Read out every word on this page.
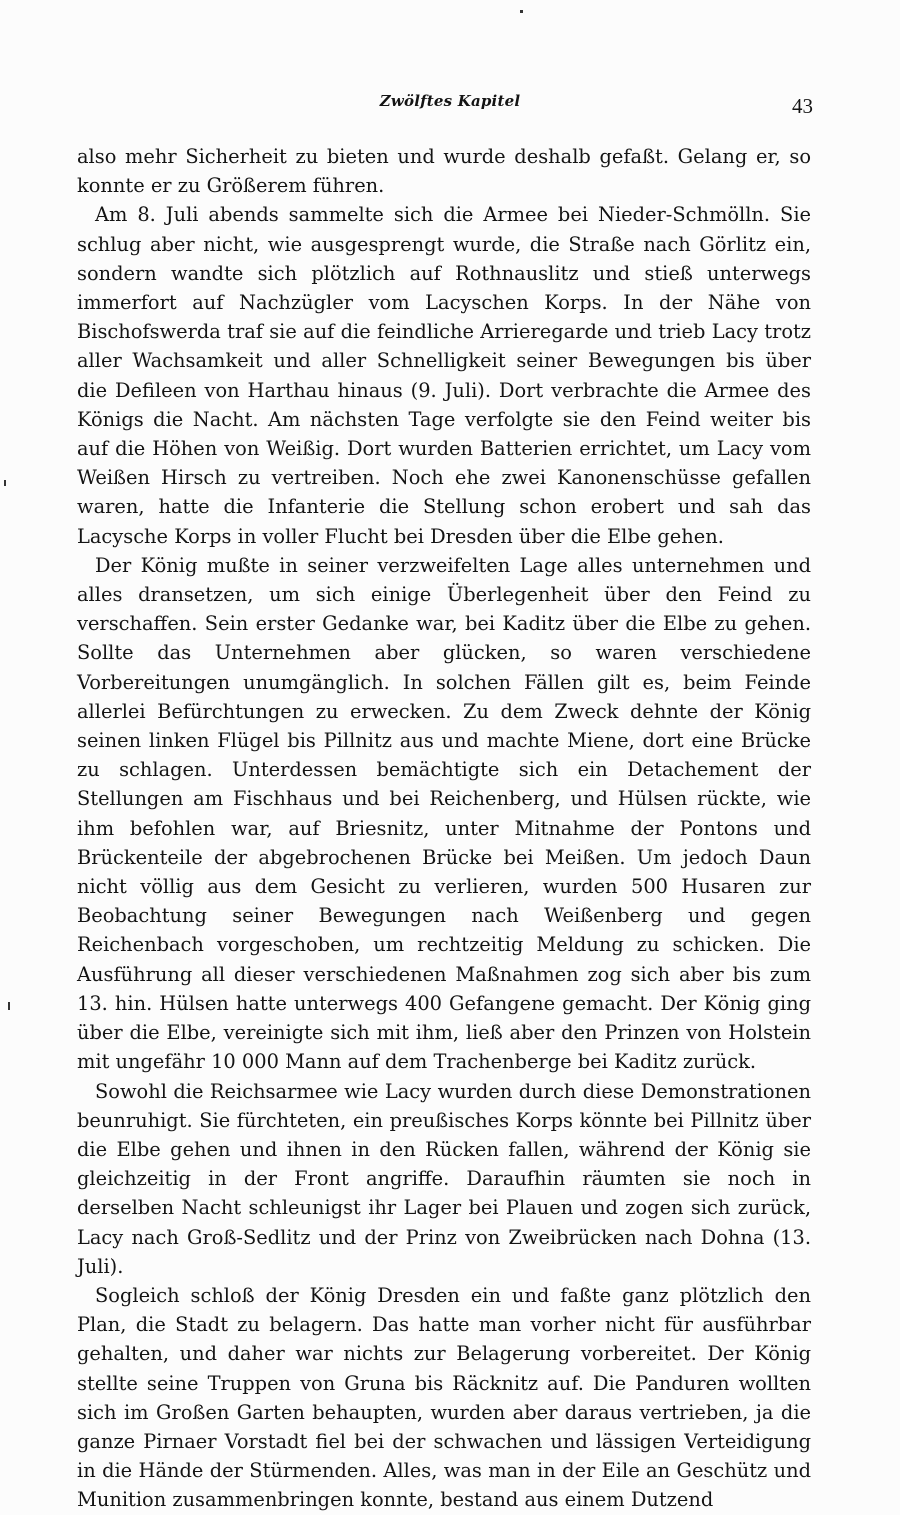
Zwölftes Kapitel	43

also mehr Sicherheit zu bieten und wurde deshalb gefaßt. Gelang er, so konnte er zu Größerem führen.

Am 8. Juli abends sammelte sich die Armee bei Nieder-Schmölln. Sie schlug aber nicht, wie ausgesprengt wurde, die Straße nach Görlitz ein, sondern wandte sich plötzlich auf Rothnauslitz und stieß unterwegs immerfort auf Nachzügler vom Lacyschen Korps. In der Nähe von Bischofswerda traf sie auf die feindliche Arrieregarde und trieb Lacy trotz aller Wachsamkeit und aller Schnelligkeit seiner Bewegungen bis über die Defileen von Harthau hinaus (9. Juli). Dort verbrachte die Armee des Königs die Nacht. Am nächsten Tage verfolgte sie den Feind weiter bis auf die Höhen von Weißig. Dort wurden Batterien errichtet, um Lacy vom Weißen Hirsch zu vertreiben. Noch ehe zwei Kanonenschüsse gefallen waren, hatte die Infanterie die Stellung schon erobert und sah das Lacysche Korps in voller Flucht bei Dresden über die Elbe gehen.

Der König mußte in seiner verzweifelten Lage alles unternehmen und alles dransetzen, um sich einige Überlegenheit über den Feind zu verschaffen. Sein erster Gedanke war, bei Kaditz über die Elbe zu gehen. Sollte das Unternehmen aber glücken, so waren verschiedene Vorbereitungen unumgänglich. In solchen Fällen gilt es, beim Feinde allerlei Befürchtungen zu erwecken. Zu dem Zweck dehnte der König seinen linken Flügel bis Pillnitz aus und machte Miene, dort eine Brücke zu schlagen. Unterdessen bemächtigte sich ein Detachement der Stellungen am Fischhaus und bei Reichenberg, und Hülsen rückte, wie ihm befohlen war, auf Briesnitz, unter Mitnahme der Pontons und Brückenteile der abgebrochenen Brücke bei Meißen. Um jedoch Daun nicht völlig aus dem Gesicht zu verlieren, wurden 500 Husaren zur Beobachtung seiner Bewegungen nach Weißenberg und gegen Reichenbach vorgeschoben, um rechtzeitig Meldung zu schicken. Die Ausführung all dieser verschiedenen Maßnahmen zog sich aber bis zum 13. hin. Hülsen hatte unterwegs 400 Gefangene gemacht. Der König ging über die Elbe, vereinigte sich mit ihm, ließ aber den Prinzen von Holstein mit ungefähr 10 000 Mann auf dem Trachenberge bei Kaditz zurück.

Sowohl die Reichsarmee wie Lacy wurden durch diese Demonstrationen beunruhigt. Sie fürchteten, ein preußisches Korps könnte bei Pillnitz über die Elbe gehen und ihnen in den Rücken fallen, während der König sie gleichzeitig in der Front angriffe. Daraufhin räumten sie noch in derselben Nacht schleunigst ihr Lager bei Plauen und zogen sich zurück, Lacy nach Groß-Sedlitz und der Prinz von Zweibrücken nach Dohna (13. Juli).

Sogleich schloß der König Dresden ein und faßte ganz plötzlich den Plan, die Stadt zu belagern. Das hatte man vorher nicht für ausführbar gehalten, und daher war nichts zur Belagerung vorbereitet. Der König stellte seine Truppen von Gruna bis Räcknitz auf. Die Panduren wollten sich im Großen Garten behaupten, wurden aber daraus vertrieben, ja die ganze Pirnaer Vorstadt fiel bei der schwachen und lässigen Verteidigung in die Hände der Stürmenden. Alles, was man in der Eile an Geschütz und Munition zusammenbringen konnte, bestand aus einem Dutzend
